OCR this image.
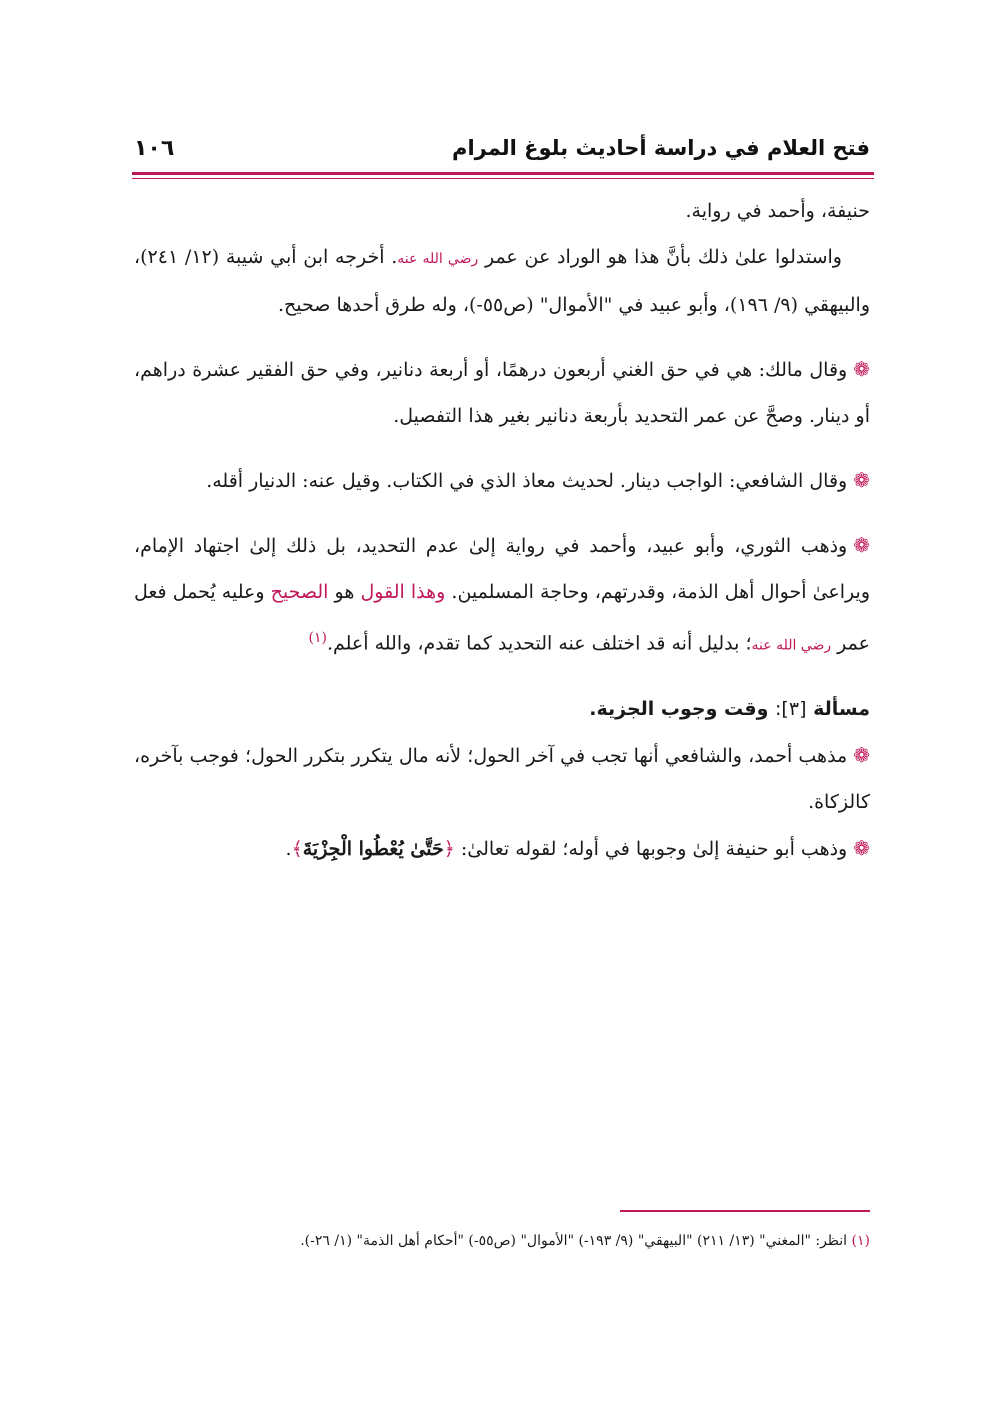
فتح العلام في دراسة أحاديث بلوغ المرام
١٠٦

حنيفة، وأحمد في رواية.

واستدلوا علىٰ ذلك بأنَّ هذا هو الوراد عن عمر رضي الله عنه. أخرجه ابن أبي شيبة (١٢/ ٢٤١)، والبيهقي (٩/ ١٩٦)، وأبو عبيد في "الأموال" (ص٥٥-)، وله طرق أحدها صحيح.

❁وقال مالك: هي في حق الغني أربعون درهمًا، أو أربعة دنانير، وفي حق الفقير عشرة دراهم، أو دينار. وصحَّ عن عمر التحديد بأربعة دنانير بغير هذا التفصيل.

❁وقال الشافعي: الواجب دينار. لحديث معاذ الذي في الكتاب. وقيل عنه: الدنيار أقله.

❁وذهب الثوري، وأبو عبيد، وأحمد في رواية إلىٰ عدم التحديد، بل ذلك إلىٰ اجتهاد الإمام، ويراعىٰ أحوال أهل الذمة، وقدرتهم، وحاجة المسلمين. وهذا القول هو الصحيح وعليه يُحمل فعل عمر رضي الله عنه؛ بدليل أنه قد اختلف عنه التحديد كما تقدم، والله أعلم.$^{(١)}$

مسألة [٣]: وقت وجوب الجزية.

❁مذهب أحمد، والشافعي أنها تجب في آخر الحول؛ لأنه مال يتكرر بتكرر الحول؛ فوجب بآخره، كالزكاة.

❁وذهب أبو حنيفة إلىٰ وجوبها في أوله؛ لقوله تعالىٰ: ﴿حَتَّىٰ يُعْطُوا الْجِزْيَةَ﴾.

(١) انظر: "المغني" (١٣/ ٢١١) "البيهقي" (٩/ ١٩٣-) "الأموال" (ص٥٥-) "أحكام أهل الذمة" (١/ ٢٦-).
